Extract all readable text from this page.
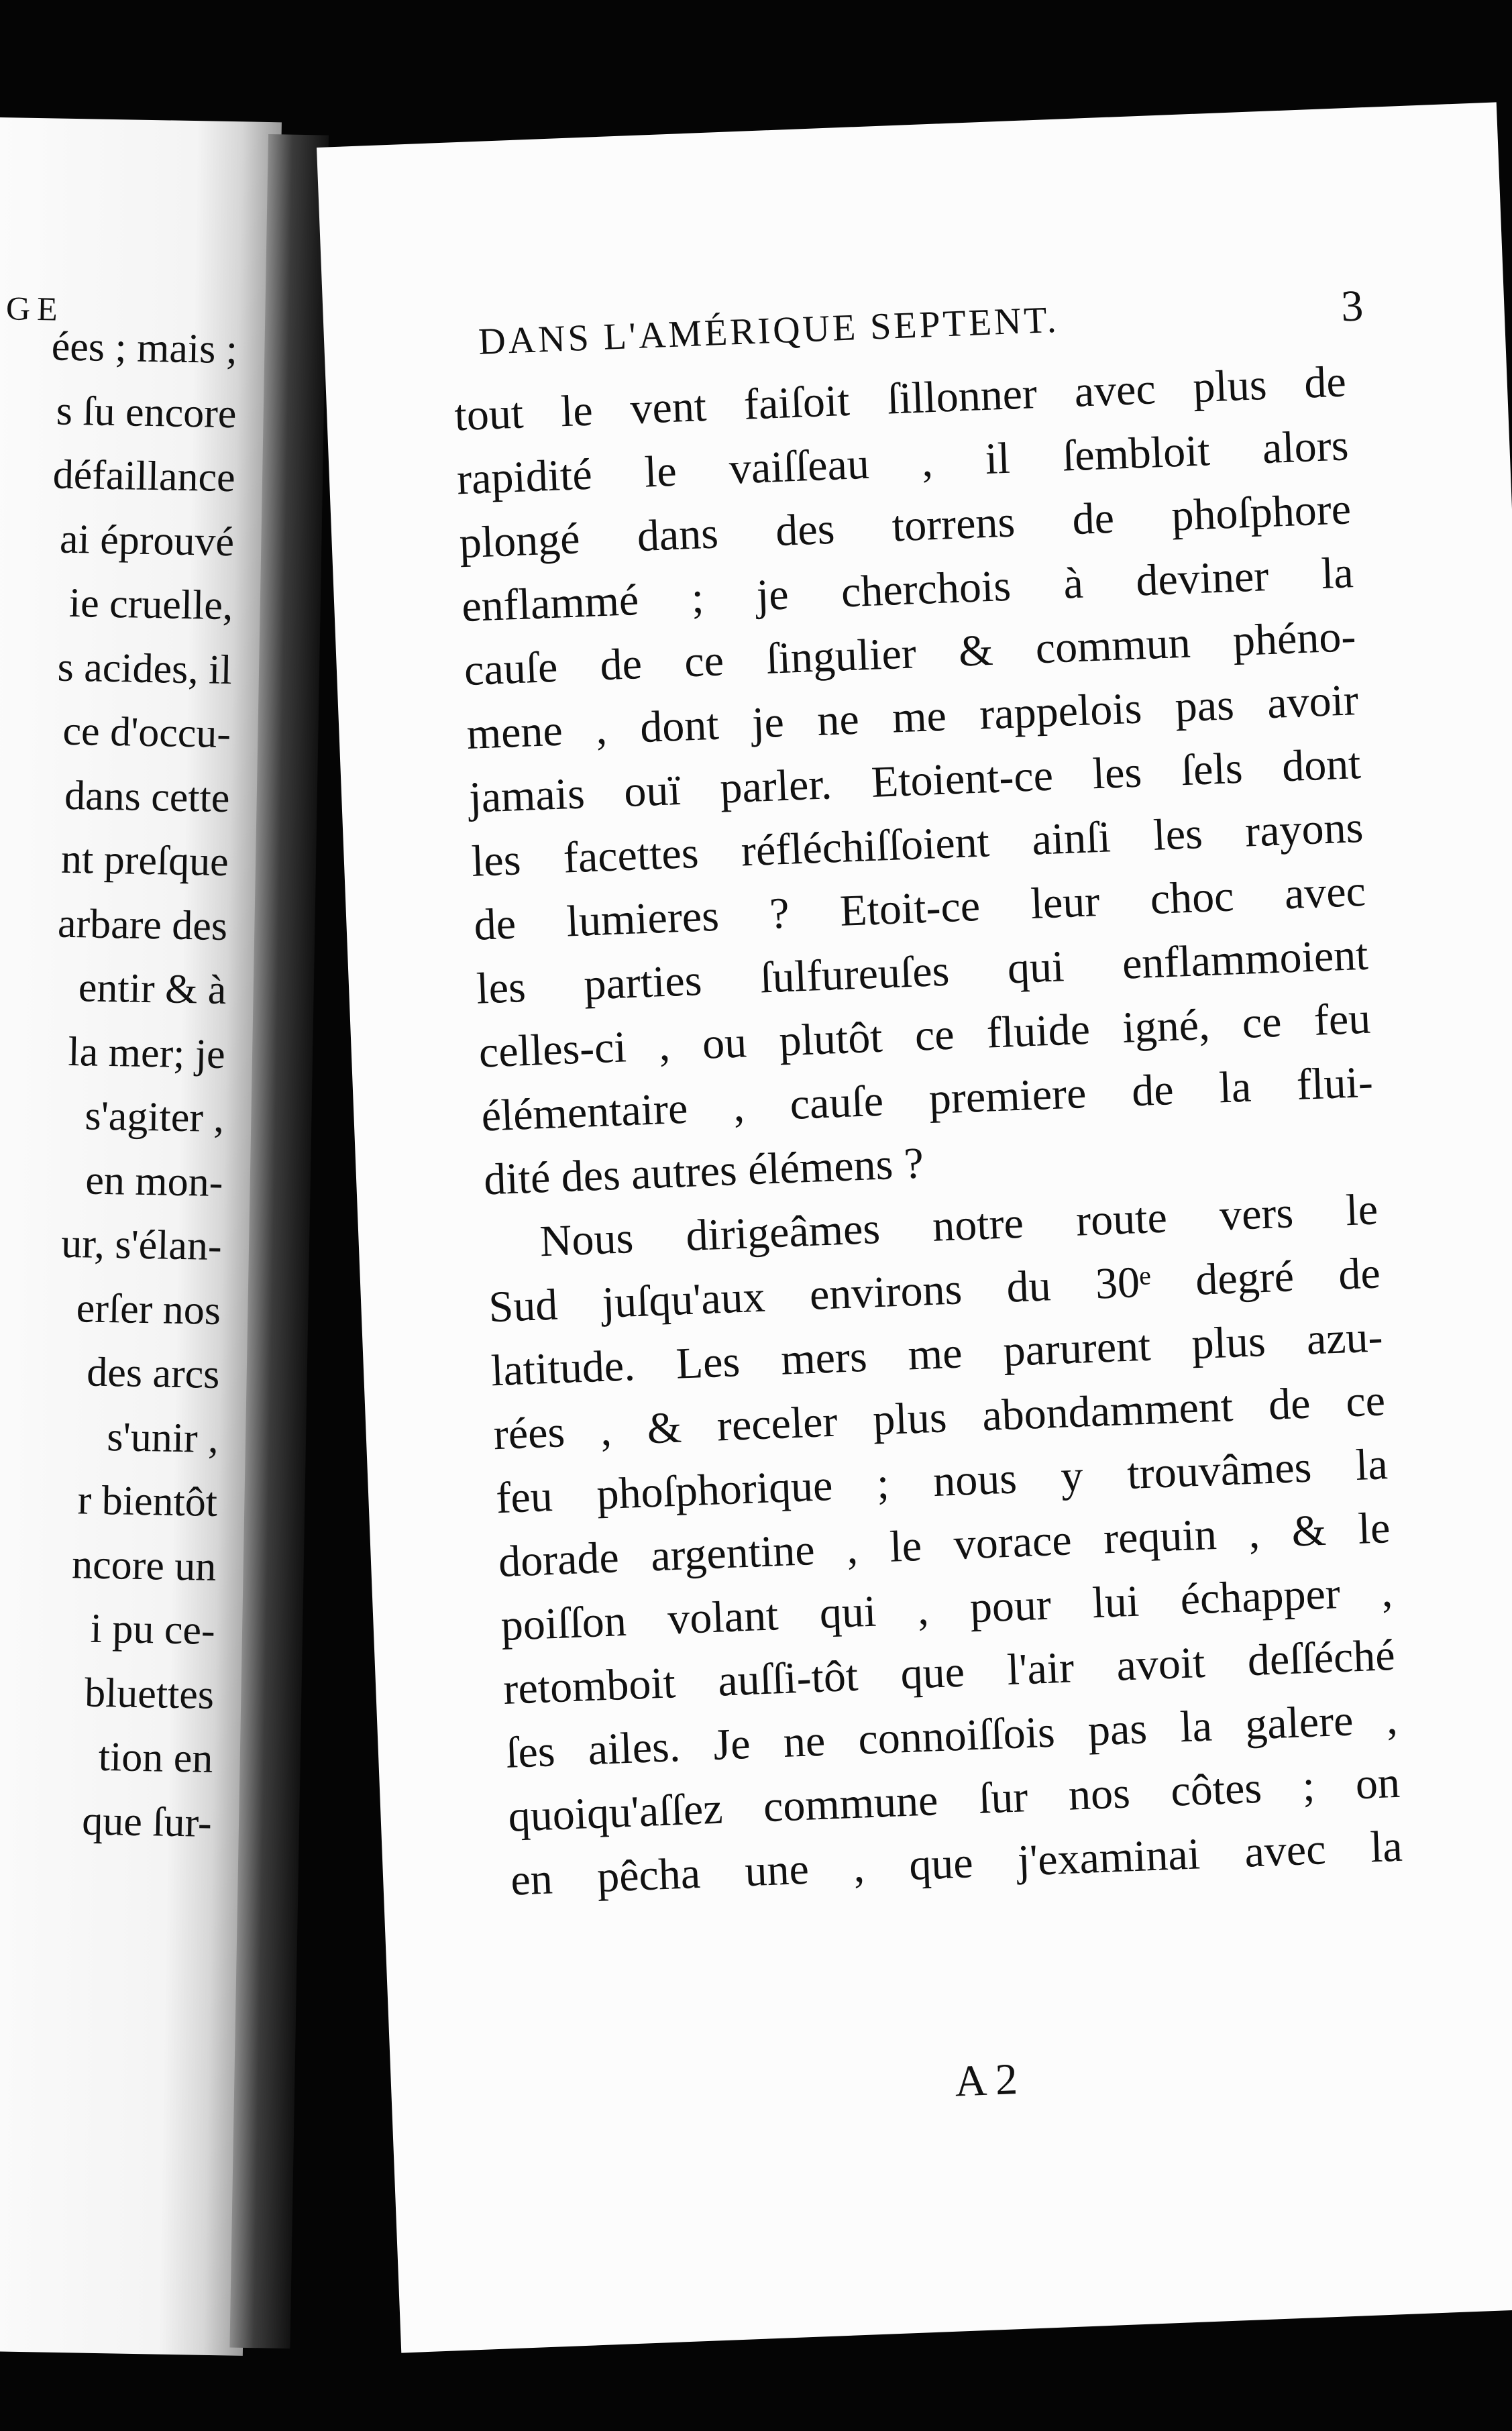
GE
ées ; mais ;
s ſu encore
défaillance
ai éprouvé
ie cruelle,
s acides, il
ce d'occu-
dans cette
nt preſque
arbare des
entir & à
la mer; je
s'agiter ,
en mon-
ur, s'élan-
erſer nos
des arcs
s'unir ,
r bientôt
ncore un
i pu ce-
bluettes
tion en
que ſur-
DANS L'AMÉRIQUE SEPTENT.	3
tout le vent faiſoit ſillonner avec plus de
rapidité le vaiſſeau , il ſembloit alors
plongé dans des torrens de phoſphore
enflammé ; je cherchois à deviner la
cauſe de ce ſingulier & commun phéno-
mene , dont je ne me rappelois pas avoir
jamais ouï parler. Etoient-ce les ſels dont
les facettes réfléchiſſoient ainſi les rayons
de lumieres ? Etoit-ce leur choc avec
les parties ſulfureuſes qui enflammoient
celles-ci , ou plutôt ce fluide igné, ce feu
élémentaire , cauſe premiere de la flui-
dité des autres élémens ?
Nous dirigeâmes notre route vers le
Sud juſqu'aux environs du 30ᵉ degré de
latitude. Les mers me parurent plus azu-
rées , & receler plus abondamment de ce
feu phoſphorique ; nous y trouvâmes la
dorade argentine , le vorace requin , & le
poiſſon volant qui , pour lui échapper ,
retomboit auſſi-tôt que l'air avoit deſſéché
ſes ailes. Je ne connoiſſois pas la galere ,
quoiqu'aſſez commune ſur nos côtes ; on
en pêcha une , que j'examinai avec la
A 2
